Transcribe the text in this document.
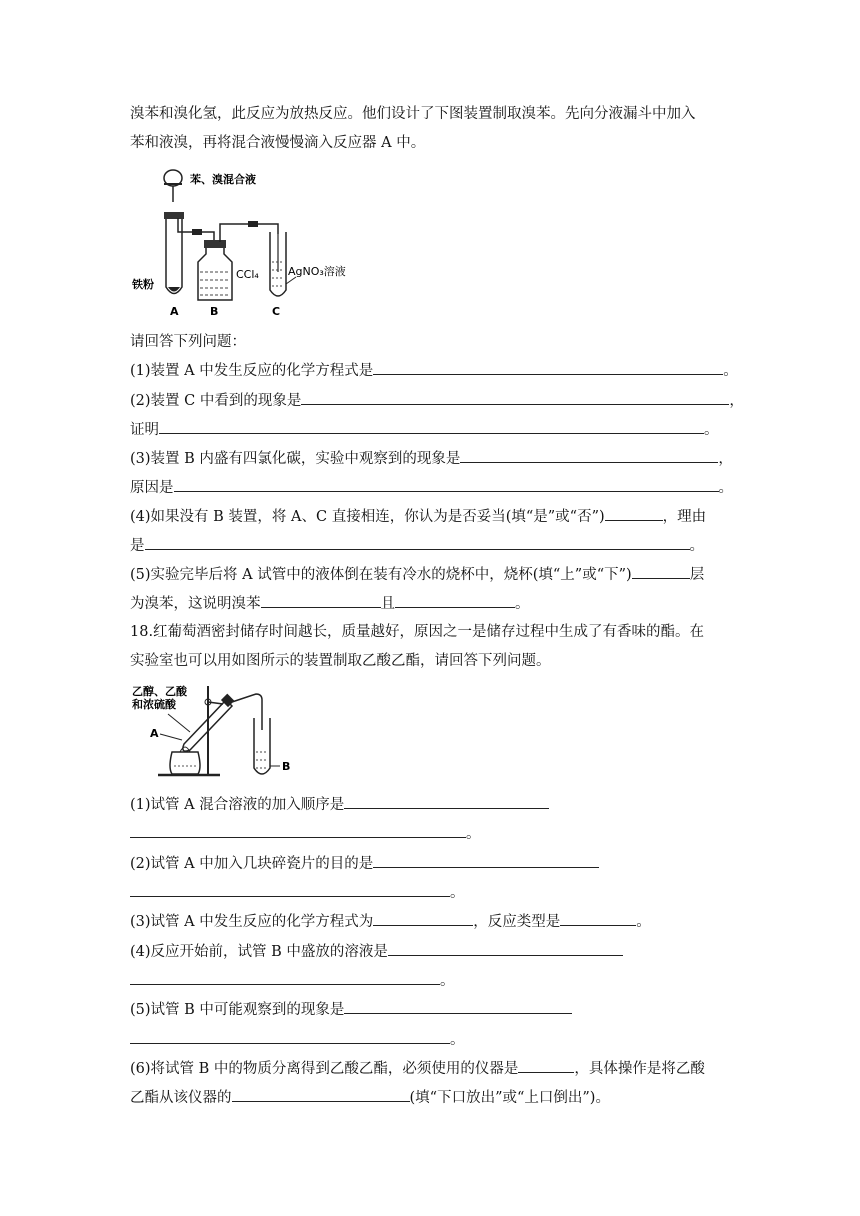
溴苯和溴化氢，此反应为放热反应。他们设计了下图装置制取溴苯。先向分液漏斗中加入
苯和液溴，再将混合液慢慢滴入反应器 A 中。
苯、溴混合液
铁粉
A
CCl₄
B
AgNO₃溶液
C
请回答下列问题：
(1)装置 A 中发生反应的化学方程式是	。
(2)装置 C 中看到的现象是	，
证明	。
(3)装置 B 内盛有四氯化碳，实验中观察到的现象是	，
原因是	。
(4)如果没有 B 装置，将 A、C 直接相连，你认为是否妥当(填“是”或“否”)	，理由
是	。
(5)实验完毕后将 A 试管中的液体倒在装有冷水的烧杯中，烧杯(填“上”或“下”)	层
为溴苯，这说明溴苯	且	。
18.红葡萄酒密封储存时间越长，质量越好，原因之一是储存过程中生成了有香味的酯。在
实验室也可以用如图所示的装置制取乙酸乙酯，请回答下列问题。
乙醇、乙酸
和浓硫酸
A
B
(1)试管 A 混合溶液的加入顺序是
。
(2)试管 A 中加入几块碎瓷片的目的是
。
(3)试管 A 中发生反应的化学方程式为	，反应类型是	。
(4)反应开始前，试管 B 中盛放的溶液是
。
(5)试管 B 中可能观察到的现象是
。
(6)将试管 B 中的物质分离得到乙酸乙酯，必须使用的仪器是	，具体操作是将乙酸
乙酯从该仪器的	(填“下口放出”或“上口倒出”)。
